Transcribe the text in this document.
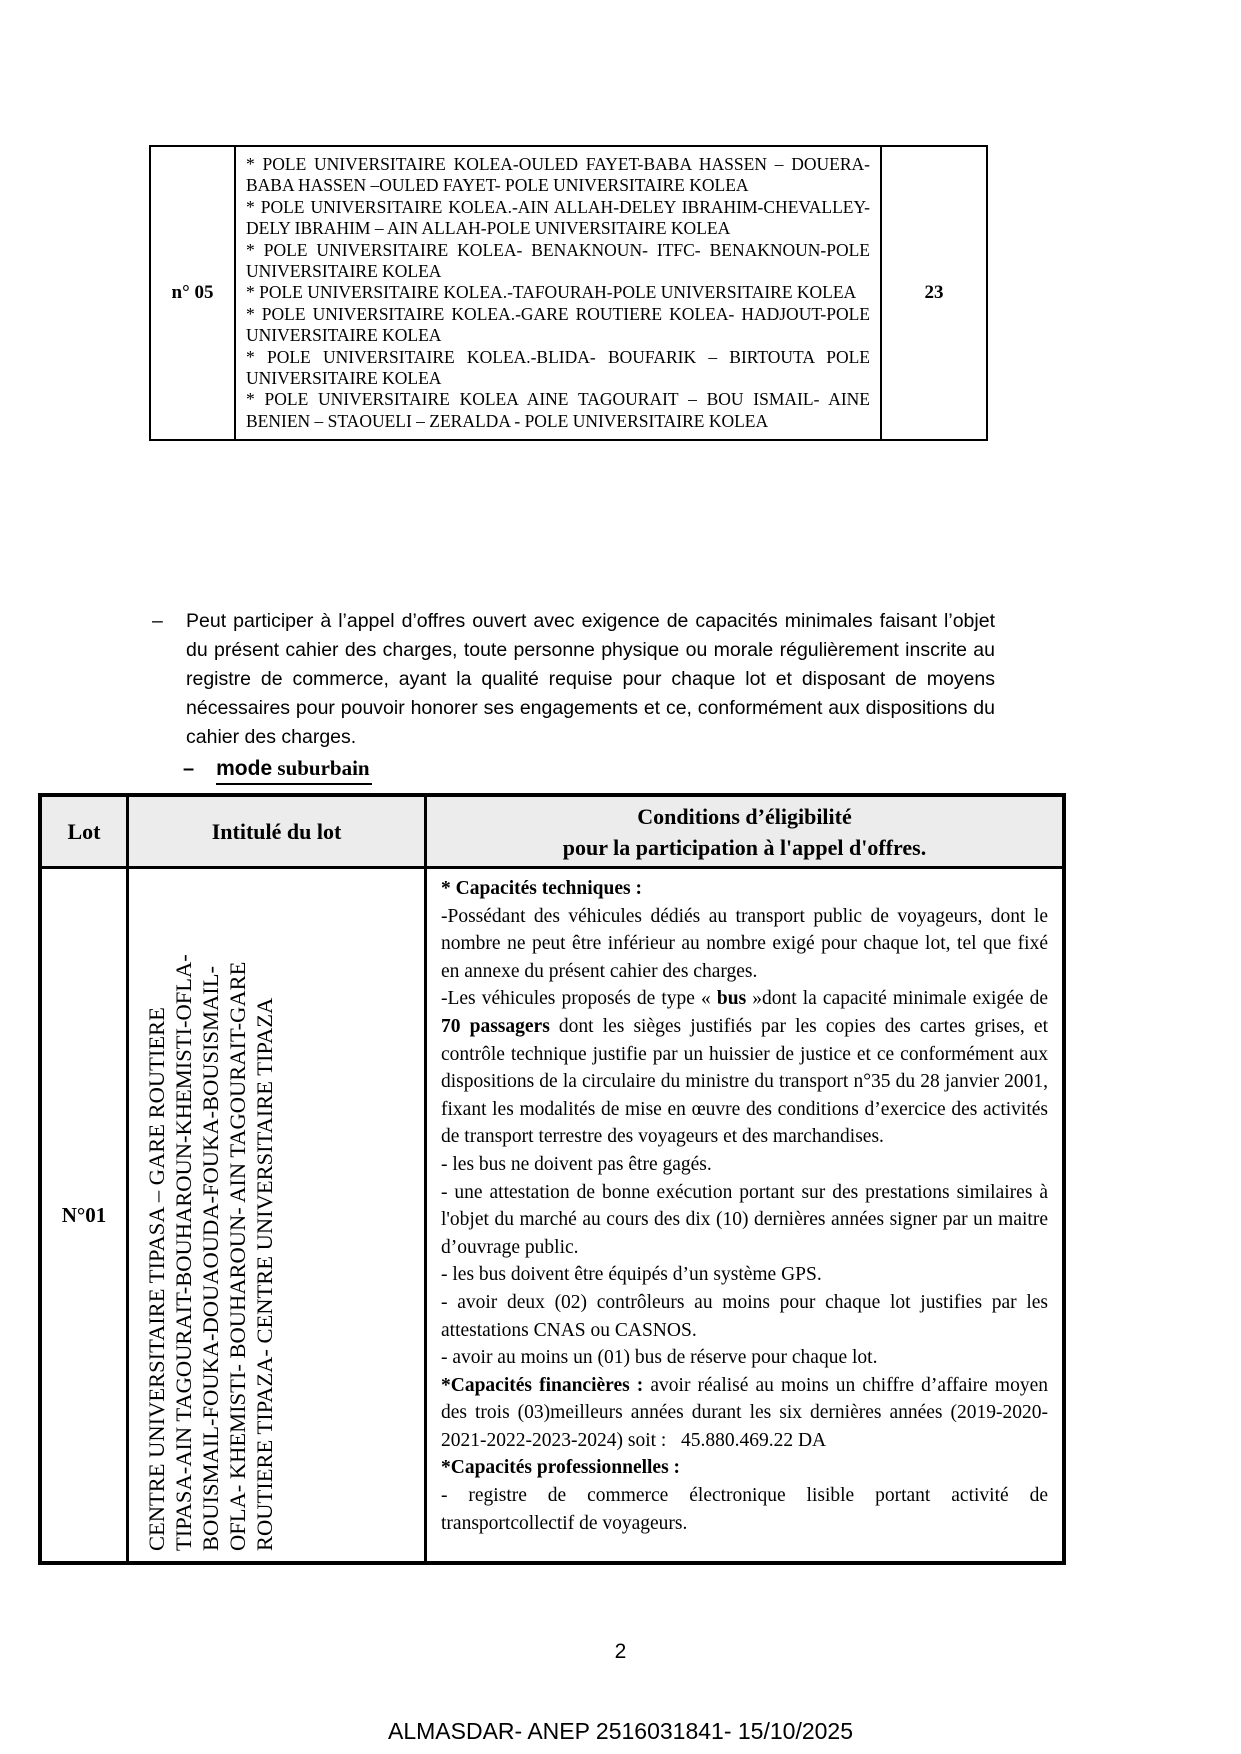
n° 05
* POLE UNIVERSITAIRE KOLEA-OULED FAYET-BABA HASSEN – DOUERA-BABA HASSEN –OULED FAYET- POLE UNIVERSITAIRE KOLEA
* POLE UNIVERSITAIRE KOLEA.-AIN ALLAH-DELEY IBRAHIM-CHEVALLEY- DELY IBRAHIM – AIN ALLAH-POLE UNIVERSITAIRE KOLEA
* POLE UNIVERSITAIRE KOLEA- BENAKNOUN- ITFC- BENAKNOUN-POLE UNIVERSITAIRE KOLEA
* POLE UNIVERSITAIRE KOLEA.-TAFOURAH-POLE UNIVERSITAIRE KOLEA
* POLE UNIVERSITAIRE KOLEA.-GARE ROUTIERE KOLEA- HADJOUT-POLE UNIVERSITAIRE KOLEA
* POLE UNIVERSITAIRE KOLEA.-BLIDA- BOUFARIK – BIRTOUTA POLE UNIVERSITAIRE KOLEA
* POLE UNIVERSITAIRE KOLEA AINE TAGOURAIT – BOU ISMAIL- AINE BENIEN – STAOUELI – ZERALDA - POLE UNIVERSITAIRE KOLEA
23
–	Peut participer à l’appel d’offres ouvert avec exigence de capacités minimales faisant l’objet du présent cahier des charges, toute personne physique ou morale régulièrement inscrite au registre de commerce, ayant la qualité requise pour chaque lot et disposant de moyens nécessaires pour pouvoir honorer ses engagements et ce, conformément aux dispositions du cahier des charges.
– mode suburbain
Lot	Intitulé du lot
Conditions d’éligibilité
pour la participation à l'appel d'offres.
N°01 CENTRE UNIVERSITAIRE TIPASA – GARE ROUTIERE TIPASA-AIN TAGOURAIT-BOUHAROUN-KHEMISTI-OFLA- BOUISMAIL-FOUKA-DOUAOUDA-FOUKA-BOUSISMAIL- OFLA- KHEMISTI- BOUHAROUN- AIN TAGOURAIT-GARE ROUTIERE TIPAZA- CENTRE UNIVERSITAIRE TIPAZA
* Capacités techniques :
-Possédant des véhicules dédiés au transport public de voyageurs, dont le nombre ne peut être inférieur au nombre exigé pour chaque lot, tel que fixé en annexe du présent cahier des charges.
-Les véhicules proposés de type « bus »dont la capacité minimale exigée de 70 passagers dont les sièges justifiés par les copies des cartes grises, et contrôle technique justifie par un huissier de justice et ce conformément aux dispositions de la circulaire du ministre du transport n°35 du 28 janvier 2001, fixant les modalités de mise en œuvre des conditions d’exercice des activités de transport terrestre des voyageurs et des marchandises.
- les bus ne doivent pas être gagés.
- une attestation de bonne exécution portant sur des prestations similaires à l'objet du marché au cours des dix (10) dernières années signer par un maitre d’ouvrage public.
- les bus doivent être équipés d’un système GPS.
- avoir deux (02) contrôleurs au moins pour chaque lot justifies par les attestations CNAS ou CASNOS.
- avoir au moins un (01) bus de réserve pour chaque lot.
*Capacités financières : avoir réalisé au moins un chiffre d’affaire moyen des trois (03)meilleurs années durant les six dernières années (2019-2020-2021-2022-2023-2024) soit :   45.880.469.22 DA
*Capacités professionnelles :
- registre de commerce électronique lisible portant activité de transportcollectif de voyageurs.
2
ALMASDAR- ANEP 2516031841- 15/10/2025
